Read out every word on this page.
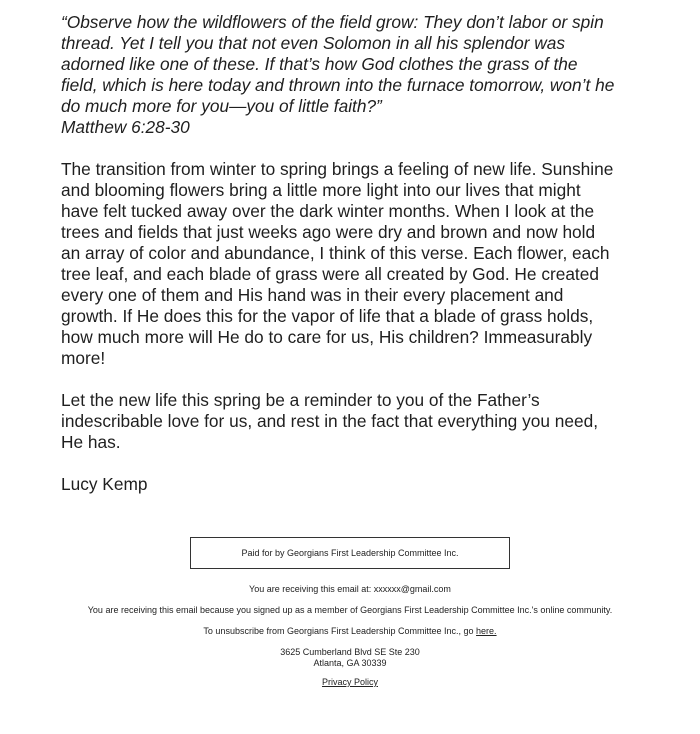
“Observe how the wildflowers of the field grow: They don’t labor or spin
thread. Yet I tell you that not even Solomon in all his splendor was
adorned like one of these. If that’s how God clothes the grass of the
field, which is here today and thrown into the furnace tomorrow, won’t he
do much more for you—you of little faith?”
Matthew 6:28-30

The transition from winter to spring brings a feeling of new life. Sunshine
and blooming flowers bring a little more light into our lives that might
have felt tucked away over the dark winter months. When I look at the
trees and fields that just weeks ago were dry and brown and now hold
an array of color and abundance, I think of this verse. Each flower, each
tree leaf, and each blade of grass were all created by God. He created
every one of them and His hand was in their every placement and
growth. If He does this for the vapor of life that a blade of grass holds,
how much more will He do to care for us, His children? Immeasurably
more!

Let the new life this spring be a reminder to you of the Father’s
indescribable love for us, and rest in the fact that everything you need,
He has.

Lucy Kemp

Paid for by Georgians First Leadership Committee Inc.

You are receiving this email at: xxxxxx@gmail.com

You are receiving this email because you signed up as a member of Georgians First Leadership Committee Inc.'s online community.

To unsubscribe from Georgians First Leadership Committee Inc., go here.

3625 Cumberland Blvd SE Ste 230

Atlanta, GA 30339

Privacy Policy
